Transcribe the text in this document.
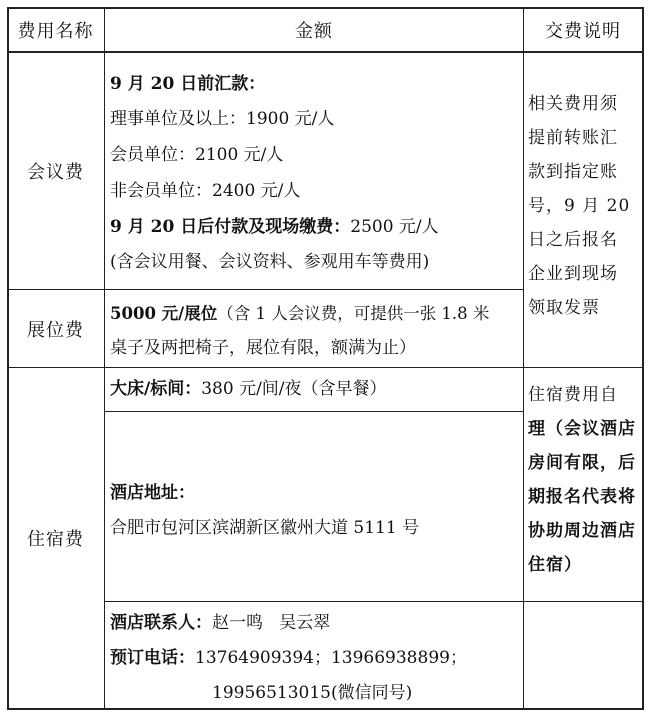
费用名称	金额	交费说明
会议费
9 月 20 日前汇款：
理事单位及以上：1900 元/人
会员单位：2100 元/人
非会员单位：2400 元/人
9 月 20 日后付款及现场缴费：2500 元/人
(含会议用餐、会议资料、参观用车等费用)
相关费用须
提前转账汇
款到指定账
号，9 月 20
日之后报名
企业到现场
领取发票
展位费
5000 元/展位（含 1 人会议费，可提供一张 1.8 米
桌子及两把椅子，展位有限，额满为止）
住宿费
大床/标间：380 元/间/夜（含早餐）
酒店地址：
合肥市包河区滨湖新区徽州大道 5111 号
酒店联系人：赵一鸣   吴云翠
预订电话：13764909394；13966938899；
19956513015(微信同号)
住宿费用自
理（会议酒店
房间有限，后
期报名代表将
协助周边酒店
住宿）
